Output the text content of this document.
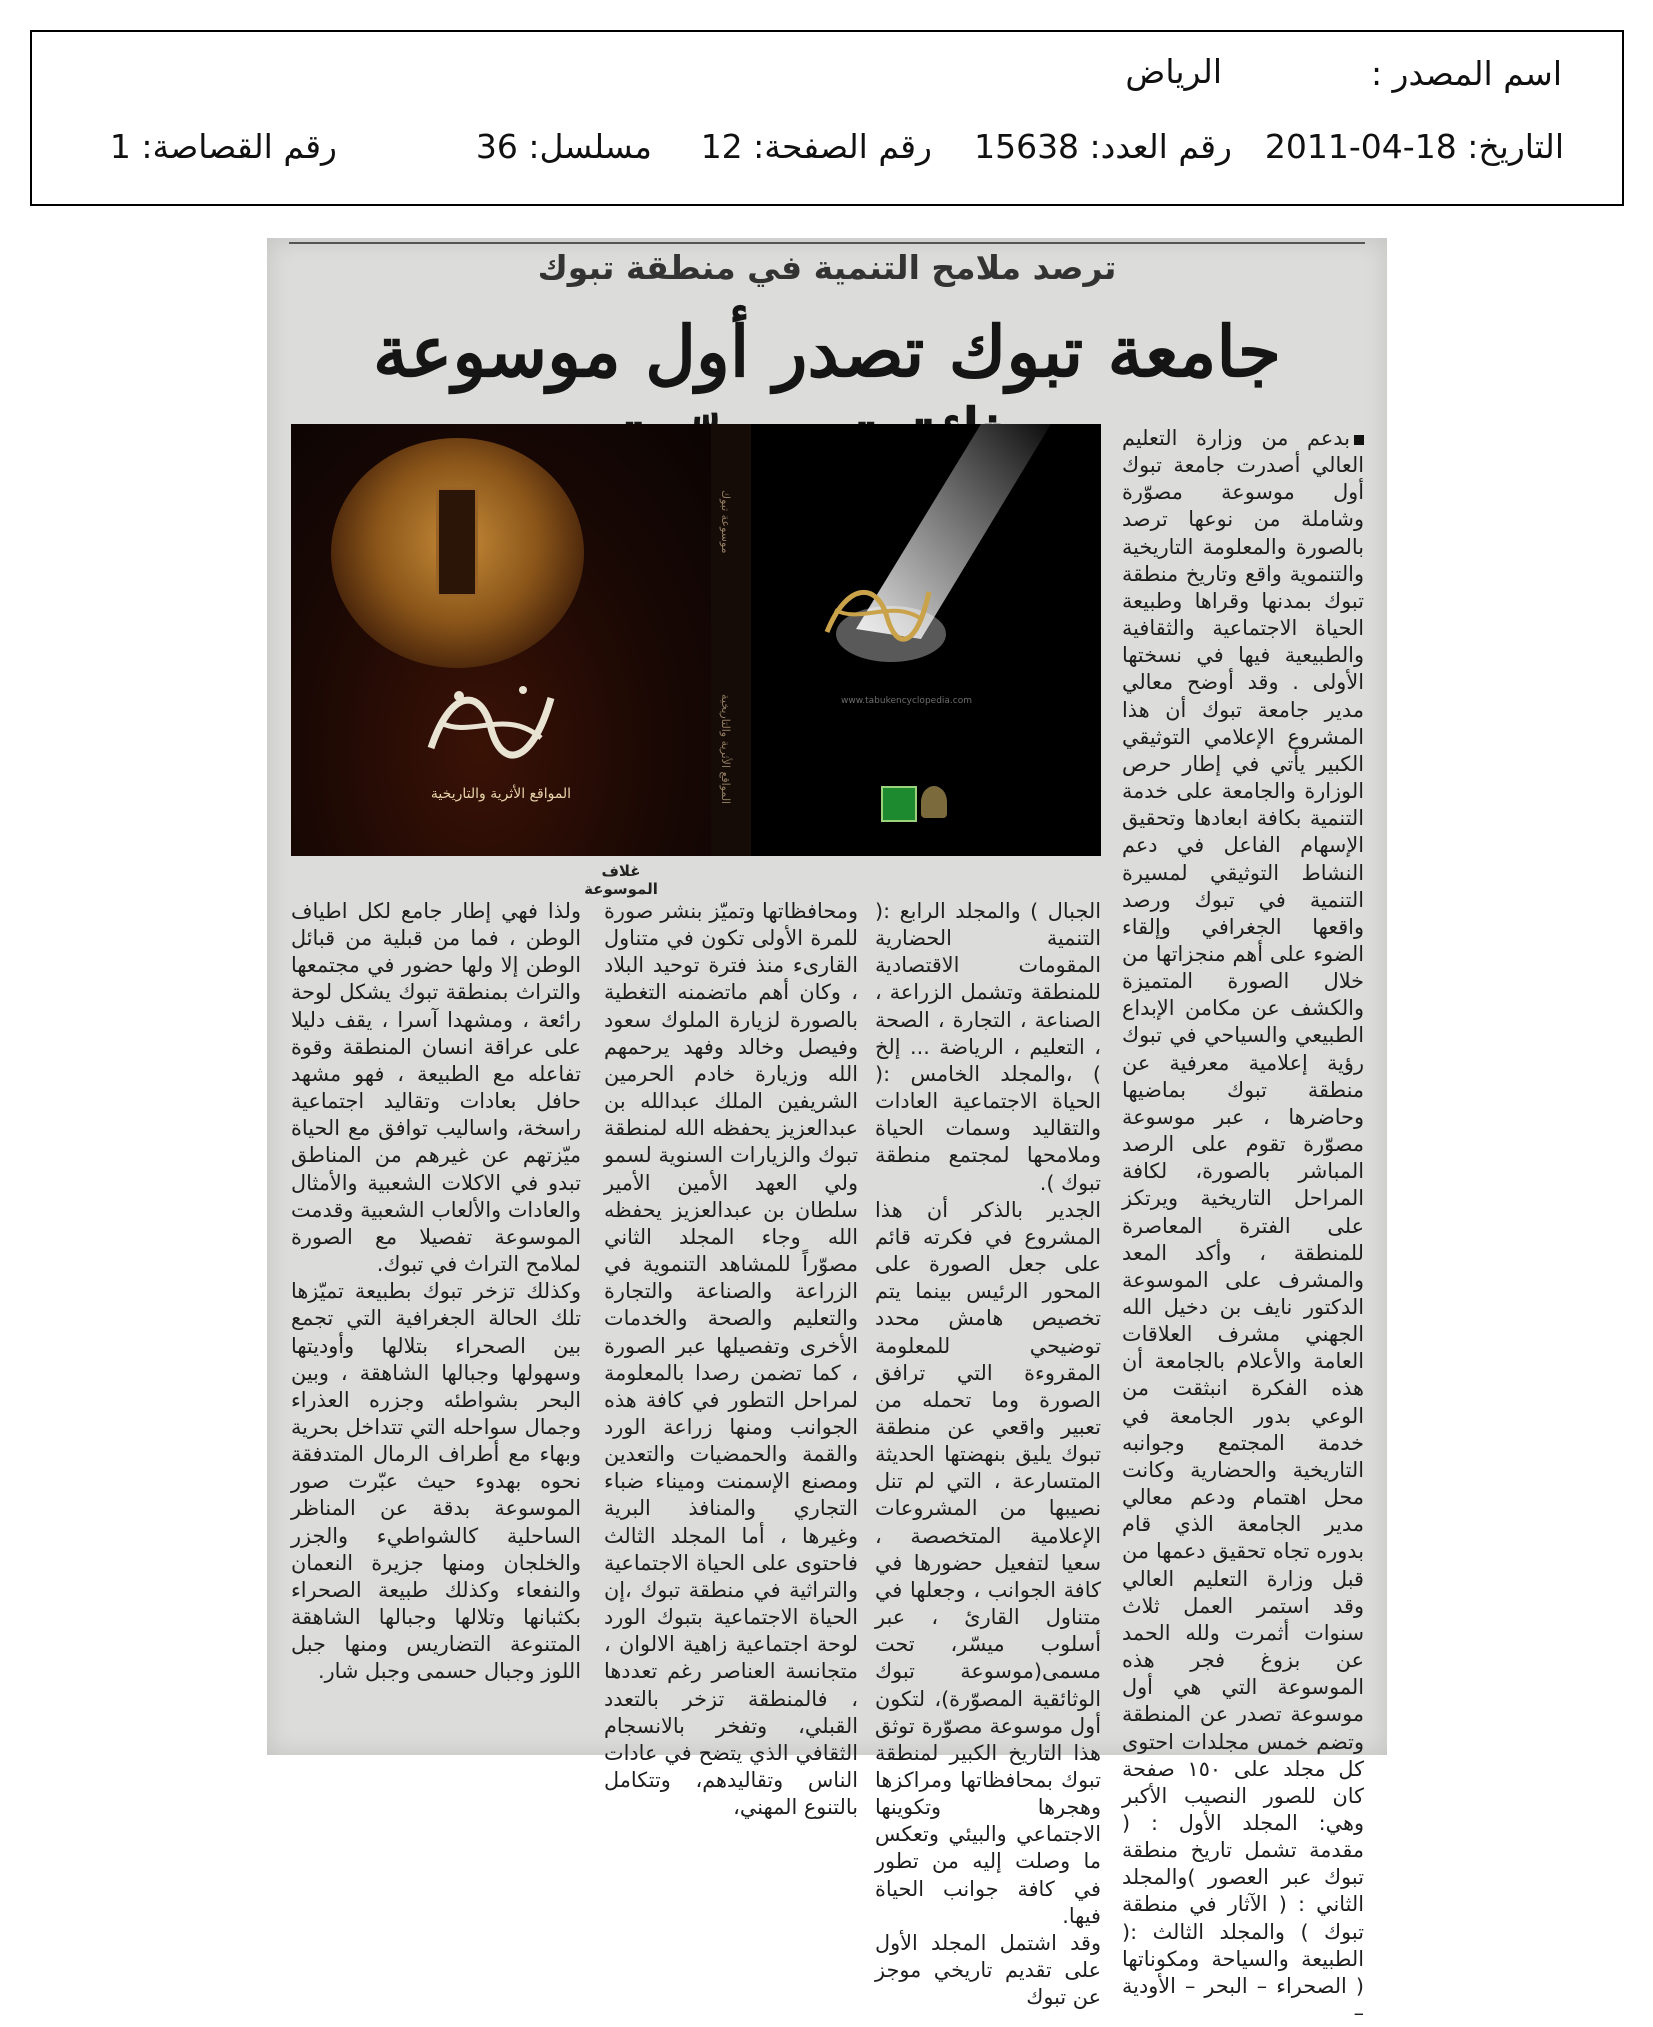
اسم المصدر :
الرياض
التاريخ: 18-04-2011
رقم العدد: 15638
رقم الصفحة: 12
مسلسل: 36
رقم القصاصة: 1
ترصد ملامح التنمية في منطقة تبوك
جامعة تبوك تصدر أول موسوعة
المواقع الأثرية والتاريخية
موسوعة تبوك
المواقع الأثرية والتاريخية	www.tabukencyclopedia.com
غلاف الموسوعة
بدعم من وزارة التعليم العالي أصدرت جامعة تبوك أول موسوعة مصوّرة وشاملة من نوعها ترصد بالصورة والمعلومة التاريخية والتنموية واقع وتاريخ منطقة تبوك بمدنها وقراها وطبيعة الحياة الاجتماعية والثقافية والطبيعية فيها في نسختها الأولى . وقد أوضح معالي مدير جامعة تبوك أن هذا المشروع الإعلامي التوثيقي الكبير يأتي في إطار حرص الوزارة والجامعة على خدمة التنمية بكافة ابعادها وتحقيق الإسهام الفاعل في دعم النشاط التوثيقي لمسيرة التنمية في تبوك ورصد واقعها الجغرافي وإلقاء الضوء على أهم منجزاتها من خلال الصورة المتميزة والكشف عن مكامن الإبداع الطبيعي والسياحي في تبوك رؤية إعلامية معرفية عن منطقة تبوك بماضيها وحاضرها ، عبر موسوعة مصوّرة تقوم على الرصد المباشر بالصورة، لكافة المراحل التاريخية ويرتكز على الفترة المعاصرة للمنطقة ، وأكد المعد والمشرف على الموسوعة الدكتور نايف بن دخيل الله الجهني مشرف العلاقات العامة والأعلام بالجامعة أن هذه الفكرة انبثقت من الوعي بدور الجامعة في خدمة المجتمع وجوانبه التاريخية والحضارية وكانت محل اهتمام ودعم معالي مدير الجامعة الذي قام بدوره تجاه تحقيق دعمها من قبل وزارة التعليم العالي وقد استمر العمل ثلاث سنوات أثمرت ولله الحمد عن بزوغ فجر هذه الموسوعة التي هي أول موسوعة تصدر عن المنطقة وتضم خمس مجلدات احتوى كل مجلد على ١٥٠ صفحة كان للصور النصيب الأكبر وهي: المجلد الأول : ( مقدمة تشمل تاريخ منطقة تبوك عبر العصور )والمجلد الثاني : ( الآثار في منطقة تبوك ) والمجلد الثالث :( الطبيعة والسياحة ومكوناتها ( الصحراء – البحر – الأودية –
الجبال ) والمجلد الرابع :( التنمية الحضارية المقومات الاقتصادية للمنطقة وتشمل الزراعة ، الصناعة ، التجارة ، الصحة ، التعليم ، الرياضة ... إلخ ) ،والمجلد الخامس :( الحياة الاجتماعية العادات والتقاليد وسمات الحياة وملامحها لمجتمع منطقة تبوك ).
الجدير بالذكر أن هذا المشروع في فكرته قائم على جعل الصورة على المحور الرئيس بينما يتم تخصيص هامش محدد توضيحي للمعلومة المقروءة التي ترافق الصورة وما تحمله من تعبير واقعي عن منطقة تبوك يليق بنهضتها الحديثة المتسارعة ، التي لم تنل نصيبها من المشروعات الإعلامية المتخصصة ، سعيا لتفعيل حضورها في كافة الجوانب ، وجعلها في متناول القارئ ، عبر أسلوب ميسّر، تحت مسمى(موسوعة تبوك الوثائقية المصوّرة)، لتكون أول موسوعة مصوّرة توثق هذا التاريخ الكبير لمنطقة تبوك بمحافظاتها ومراكزها وهجرها وتكوينها الاجتماعي والبيئي وتعكس ما وصلت إليه من تطور في كافة جوانب الحياة فيها.
وقد اشتمل المجلد الأول على تقديم تاريخي موجز عن تبوك
ومحافظاتها وتميّز بنشر صورة للمرة الأولى تكون في متناول القارىء منذ فترة توحيد البلاد ، وكان أهم ماتضمنه التغطية بالصورة لزيارة الملوك سعود وفيصل وخالد وفهد يرحمهم الله وزيارة خادم الحرمين الشريفين الملك عبدالله بن عبدالعزيز يحفظه الله لمنطقة تبوك والزيارات السنوية لسمو ولي العهد الأمين الأمير سلطان بن عبدالعزيز يحفظه الله وجاء المجلد الثاني مصوّراً للمشاهد التنموية في الزراعة والصناعة والتجارة والتعليم والصحة والخدمات الأخرى وتفصيلها عبر الصورة ، كما تضمن رصدا بالمعلومة لمراحل التطور في كافة هذه الجوانب ومنها زراعة الورد والقمة والحمضيات والتعدين ومصنع الإسمنت وميناء ضباء التجاري والمنافذ البرية وغيرها ، أما المجلد الثالث فاحتوى على الحياة الاجتماعية والتراثية في منطقة تبوك ،إن الحياة الاجتماعية بتبوك الورد لوحة اجتماعية زاهية الالوان ، متجانسة العناصر رغم تعددها ، فالمنطقة تزخر بالتعدد القبلي، وتفخر بالانسجام الثقافي الذي يتضح في عادات الناس وتقاليدهم، وتتكامل بالتنوع المهني،
ولذا فهي إطار جامع لكل اطياف الوطن ، فما من قبلية من قبائل الوطن إلا ولها حضور في مجتمعها والتراث بمنطقة تبوك يشكل لوحة رائعة ، ومشهدا آسرا ، يقف دليلا على عراقة انسان المنطقة وقوة تفاعله مع الطبيعة ، فهو مشهد حافل بعادات وتقاليد اجتماعية راسخة، واساليب توافق مع الحياة ميّزتهم عن غيرهم من المناطق تبدو في الاكلات الشعبية والأمثال والعادات والألعاب الشعبية وقدمت الموسوعة تفصيلا مع الصورة لملامح التراث في تبوك.
وكذلك تزخر تبوك بطبيعة تميّزها تلك الحالة الجغرافية التي تجمع بين الصحراء بتلالها وأوديتها وسهولها وجبالها الشاهقة ، وبين البحر بشواطئه وجزره العذراء وجمال سواحله التي تتداخل بحرية وبهاء مع أطراف الرمال المتدفقة نحوه بهدوء حيث عبّرت صور الموسوعة بدقة عن المناظر الساحلية كالشواطيء والجزر والخلجان ومنها جزيرة النعمان والنفعاء وكذلك طبيعة الصحراء بكثبانها وتلالها وجبالها الشاهقة المتنوعة التضاريس ومنها جبل اللوز وجبال حسمى وجبل شار.
